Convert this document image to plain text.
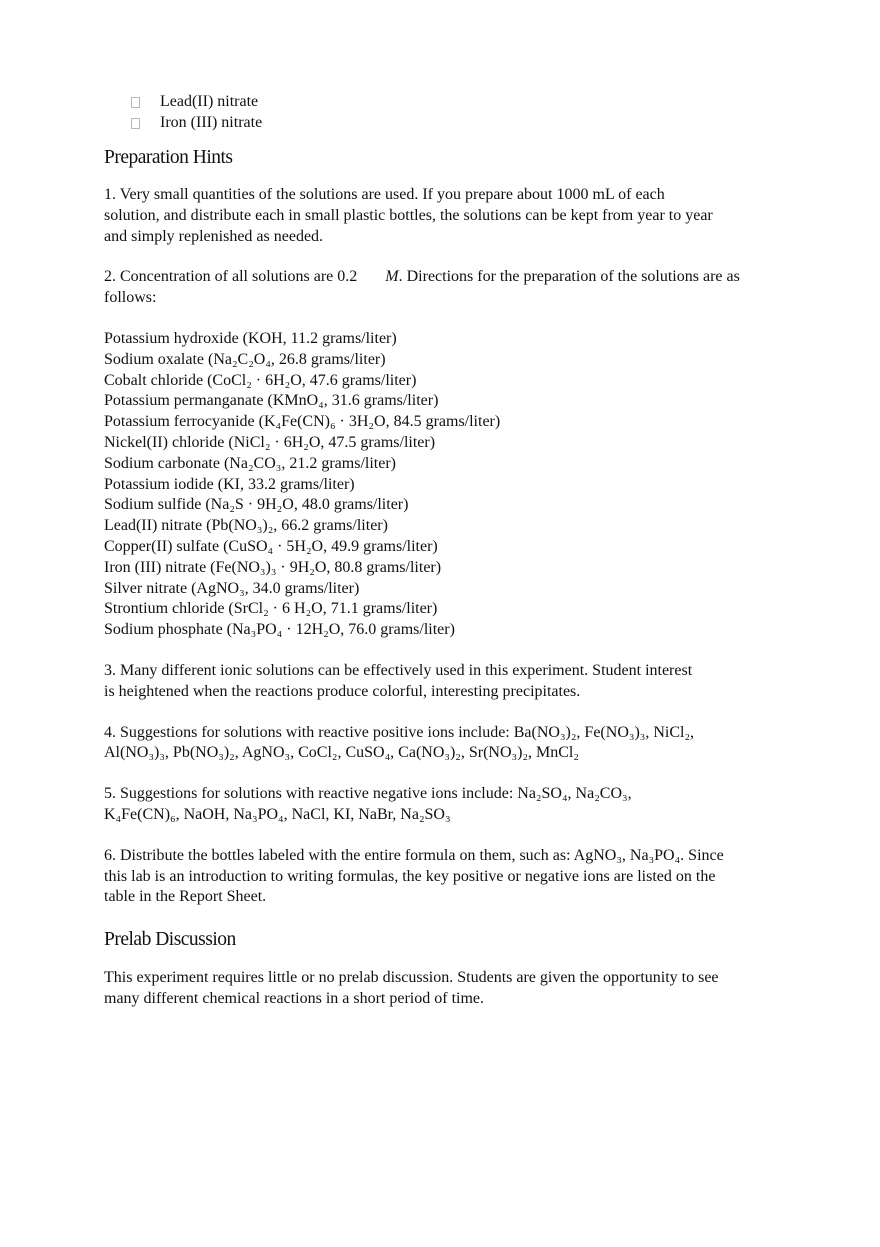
Lead(II) nitrate
Iron (III) nitrate
Preparation Hints

1. Very small quantities of the solutions are used. If you prepare about 1000 mL of each solution, and distribute each in small plastic bottles, the solutions can be kept from year to year and simply replenished as needed.

2. Concentration of all solutions are 0.2 M. Directions for the preparation of the solutions are as follows:

Potassium hydroxide (KOH, 11.2 grams/liter)

Sodium oxalate (Na₂C₂O₄, 26.8 grams/liter)

Cobalt chloride (CoCl₂ · 6H₂O, 47.6 grams/liter)

Potassium permanganate (KMnO₄, 31.6 grams/liter)

Potassium ferrocyanide (K₄Fe(CN)₆ · 3H₂O, 84.5 grams/liter)

Nickel(II) chloride (NiCl₂ · 6H₂O, 47.5 grams/liter)

Sodium carbonate (Na₂CO₃, 21.2 grams/liter)

Potassium iodide (KI, 33.2 grams/liter)

Sodium sulfide (Na₂S · 9H₂O, 48.0 grams/liter)

Lead(II) nitrate (Pb(NO₃)₂, 66.2 grams/liter)

Copper(II) sulfate (CuSO₄ · 5H₂O, 49.9 grams/liter)

Iron (III) nitrate (Fe(NO₃)₃ · 9H₂O, 80.8 grams/liter)

Silver nitrate (AgNO₃, 34.0 grams/liter)

Strontium chloride (SrCl₂ · 6 H₂O, 71.1 grams/liter)

Sodium phosphate (Na₃PO₄ · 12H₂O, 76.0 grams/liter)

3. Many different ionic solutions can be effectively used in this experiment. Student interest is heightened when the reactions produce colorful, interesting precipitates.

4. Suggestions for solutions with reactive positive ions include: Ba(NO₃)₂, Fe(NO₃)₃, NiCl₂, Al(NO₃)₃, Pb(NO₃)₂, AgNO₃, CoCl₂, CuSO₄, Ca(NO₃)₂, Sr(NO₃)₂, MnCl₂

5. Suggestions for solutions with reactive negative ions include: Na₂SO₄, Na₂CO₃, K₄Fe(CN)₆, NaOH, Na₃PO₄, NaCl, KI, NaBr, Na₂SO₃

6. Distribute the bottles labeled with the entire formula on them, such as: AgNO₃, Na₃PO₄. Since this lab is an introduction to writing formulas, the key positive or negative ions are listed on the table in the Report Sheet.

Prelab Discussion

This experiment requires little or no prelab discussion. Students are given the opportunity to see many different chemical reactions in a short period of time.
